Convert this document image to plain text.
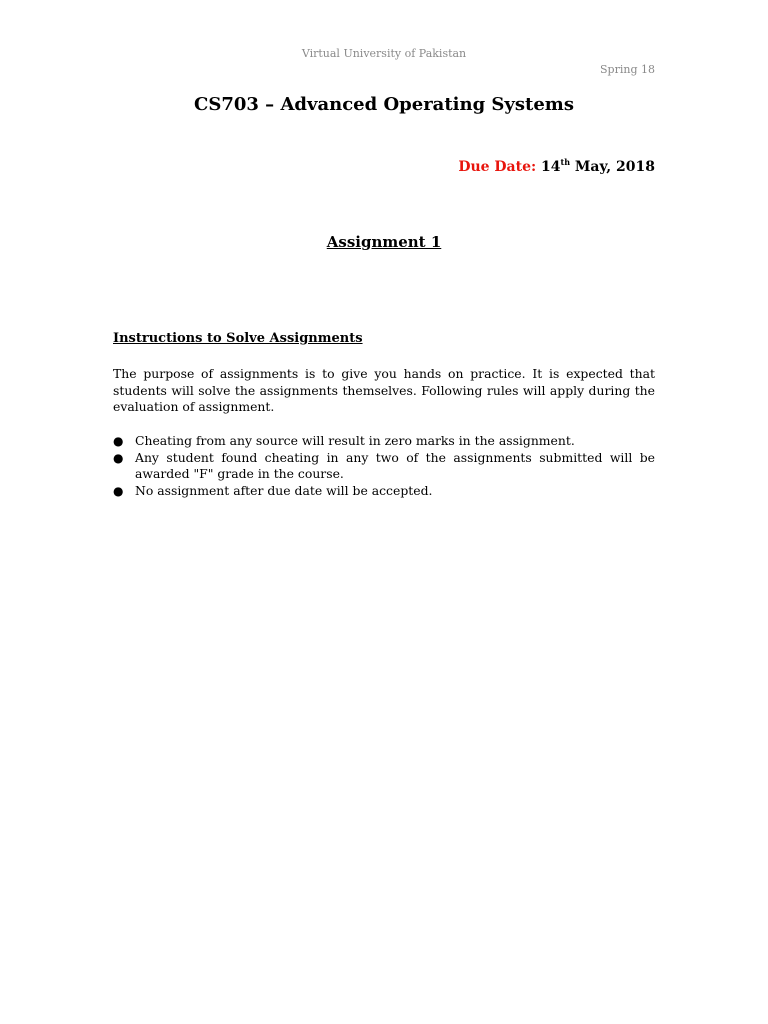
Virtual University of Pakistan
Spring 18
CS703 – Advanced Operating Systems
Due Date: 14th May, 2018
Assignment 1
Instructions to Solve Assignments

The purpose of assignments is to give you hands on practice. It is expected that students will solve the assignments themselves. Following rules will apply during the evaluation of assignment.

● Cheating from any source will result in zero marks in the assignment.
● Any student found cheating in any two of the assignments submitted will be awarded "F" grade in the course.
● No assignment after due date will be accepted.
